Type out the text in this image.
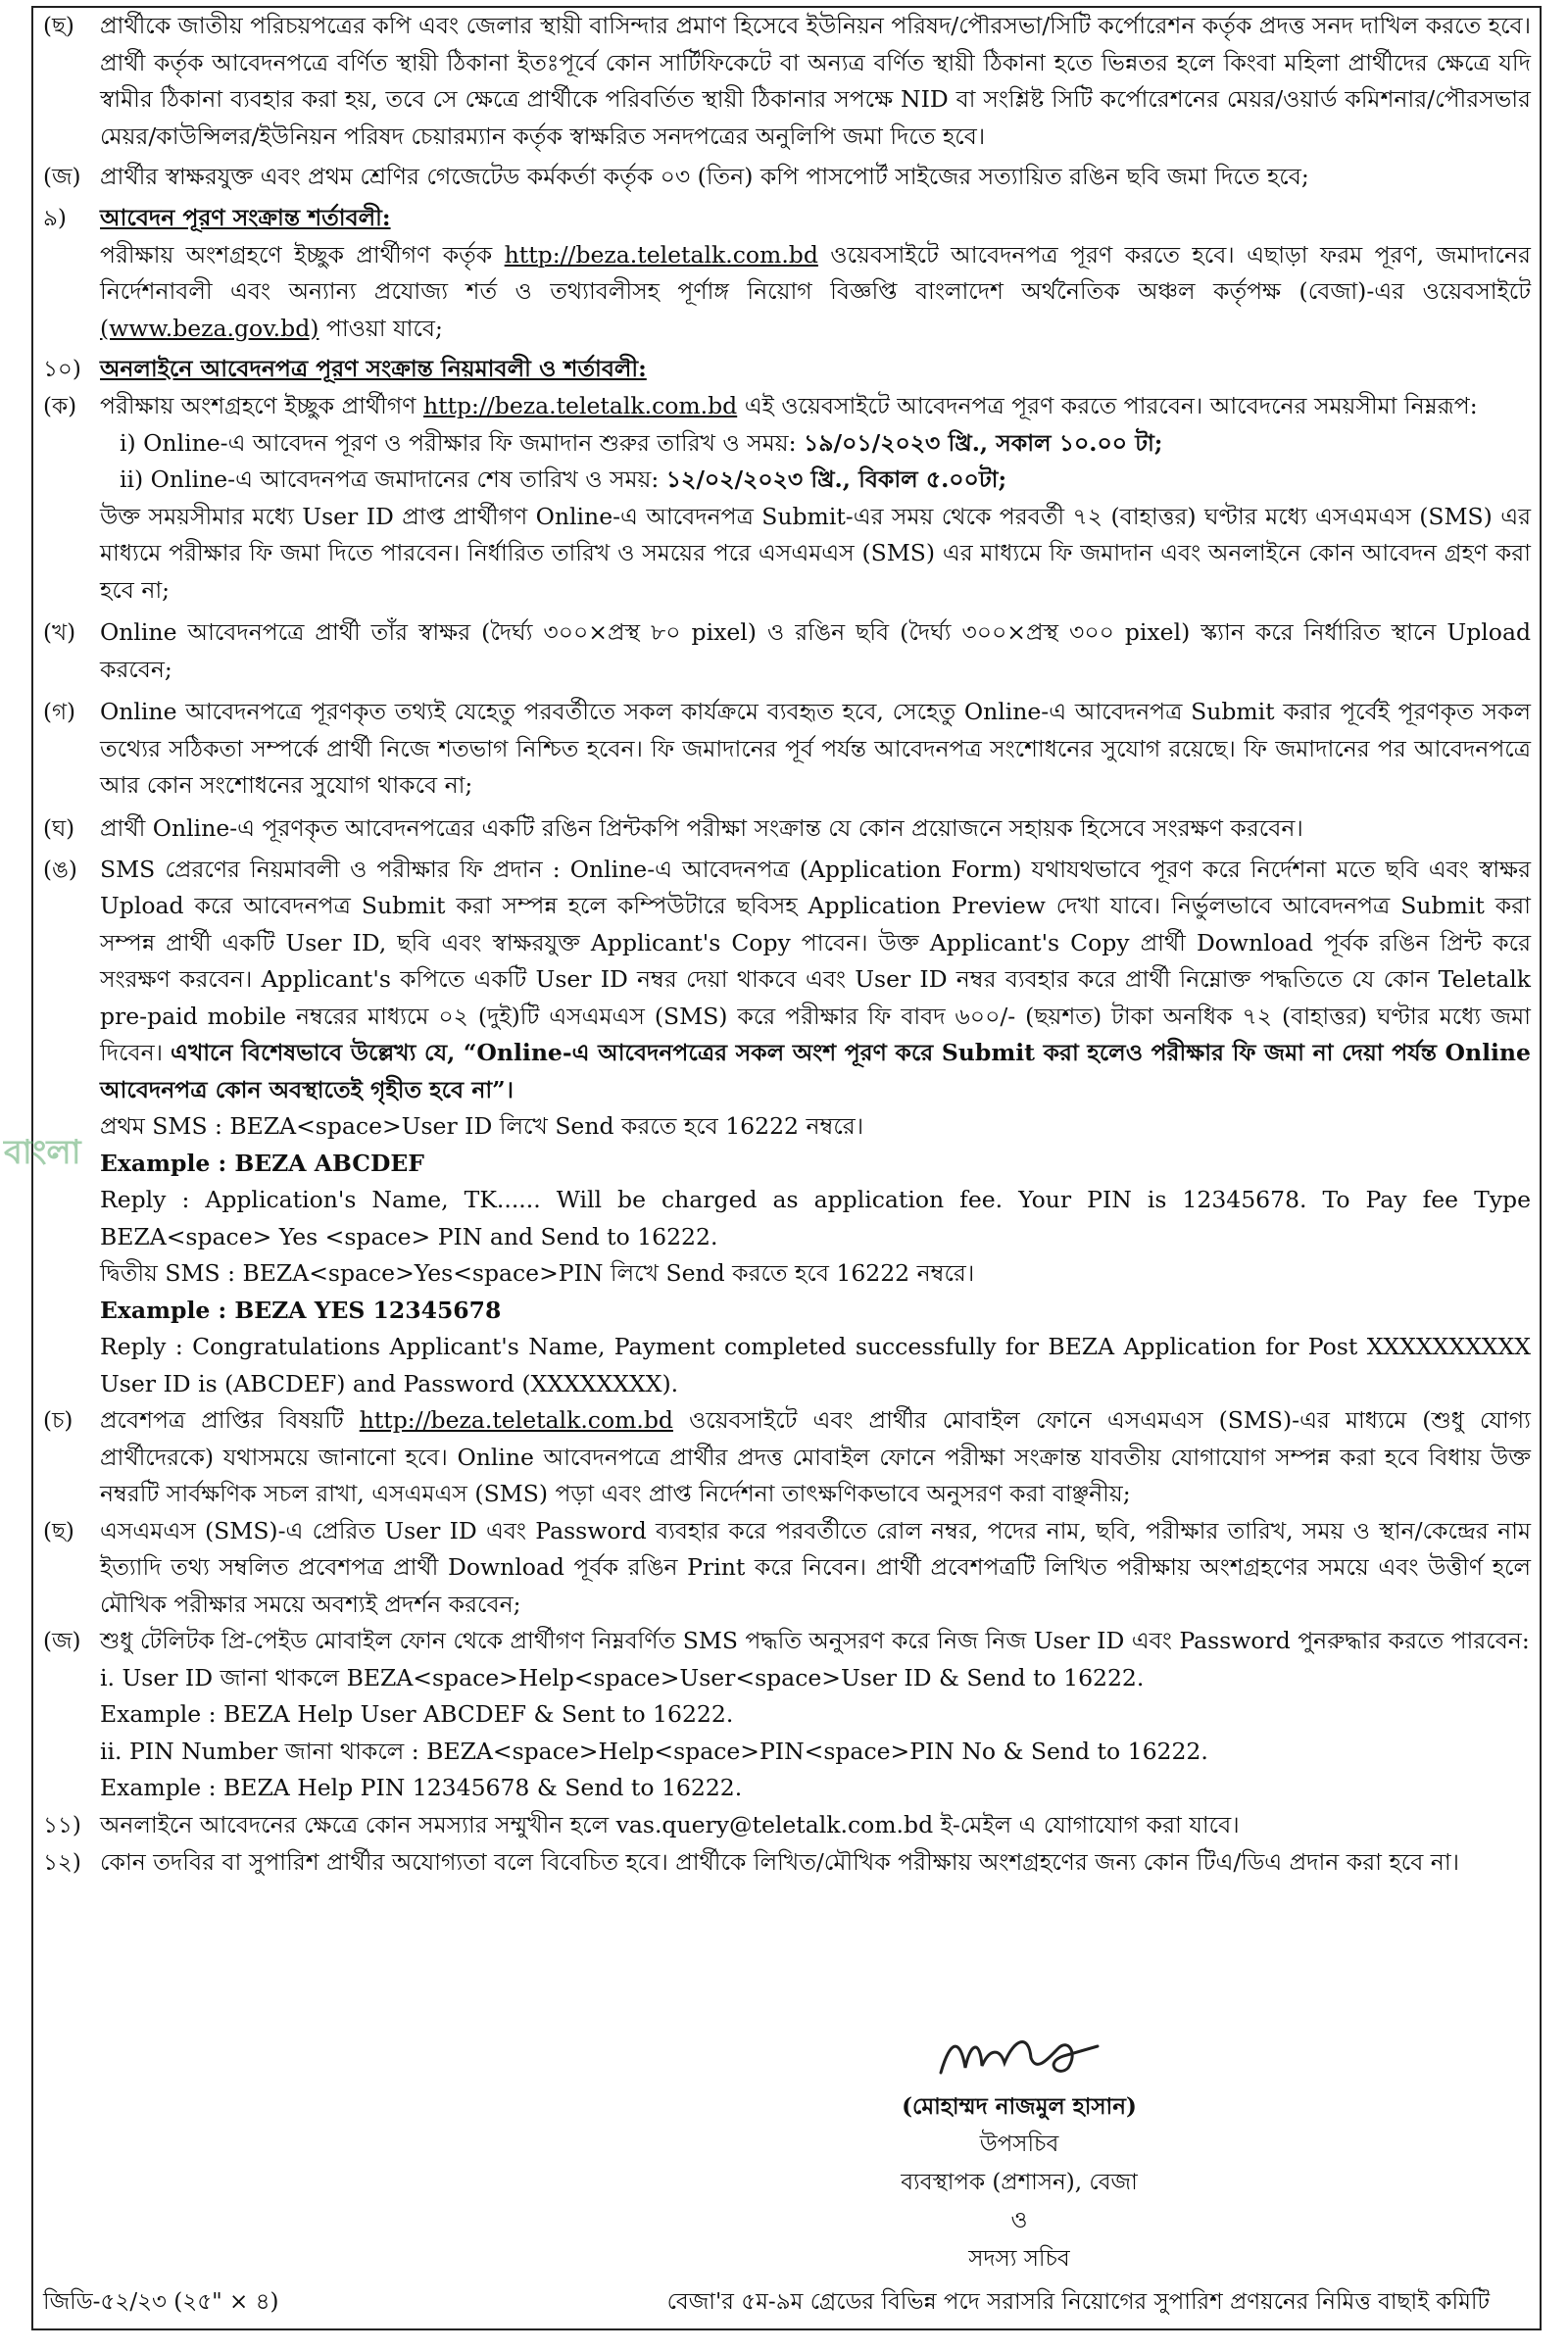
বাংলা
(ছ)	প্রার্থীকে জাতীয় পরিচয়পত্রের কপি এবং জেলার স্থায়ী বাসিন্দার প্রমাণ হিসেবে ইউনিয়ন পরিষদ/পৌরসভা/সিটি কর্পোরেশন কর্তৃক প্রদত্ত সনদ দাখিল করতে হবে। প্রার্থী কর্তৃক আবেদনপত্রে বর্ণিত স্থায়ী ঠিকানা ইতঃপূর্বে কোন সার্টিফিকেটে বা অন্যত্র বর্ণিত স্থায়ী ঠিকানা হতে ভিন্নতর হলে কিংবা মহিলা প্রার্থীদের ক্ষেত্রে যদি স্বামীর ঠিকানা ব্যবহার করা হয়, তবে সে ক্ষেত্রে প্রার্থীকে পরিবর্তিত স্থায়ী ঠিকানার সপক্ষে NID বা সংশ্লিষ্ট সিটি কর্পোরেশনের মেয়র/ওয়ার্ড কমিশনার/পৌরসভার মেয়র/কাউন্সিলর/ইউনিয়ন পরিষদ চেয়ারম্যান কর্তৃক স্বাক্ষরিত সনদপত্রের অনুলিপি জমা দিতে হবে।
(জ) প্রার্থীর স্বাক্ষরযুক্ত এবং প্রথম শ্রেণির গেজেটেড কর্মকর্তা কর্তৃক ০৩ (তিন) কপি পাসপোর্ট সাইজের সত্যায়িত রঙিন ছবি জমা দিতে হবে;
৯)	আবেদন পূরণ সংক্রান্ত শর্তাবলী:
পরীক্ষায় অংশগ্রহণে ইচ্ছুক প্রার্থীগণ কর্তৃক http://beza.teletalk.com.bd ওয়েবসাইটে আবেদনপত্র পূরণ করতে হবে। এছাড়া ফরম পূরণ, জমাদানের নির্দেশনাবলী এবং অন্যান্য প্রযোজ্য শর্ত ও তথ্যাবলীসহ পূর্ণাঙ্গ নিয়োগ বিজ্ঞপ্তি বাংলাদেশ অর্থনৈতিক অঞ্চল কর্তৃপক্ষ (বেজা)-এর ওয়েবসাইটে (www.beza.gov.bd) পাওয়া যাবে;
১০) অনলাইনে আবেদনপত্র পূরণ সংক্রান্ত নিয়মাবলী ও শর্তাবলী:
(ক)	পরীক্ষায় অংশগ্রহণে ইচ্ছুক প্রার্থীগণ http://beza.teletalk.com.bd এই ওয়েবসাইটে আবেদনপত্র পূরণ করতে পারবেন। আবেদনের সময়সীমা নিম্নরূপ:
i) Online-এ আবেদন পূরণ ও পরীক্ষার ফি জমাদান শুরুর তারিখ ও সময়: ১৯/০১/২০২৩ খ্রি., সকাল ১০.০০ টা;
ii) Online-এ আবেদনপত্র জমাদানের শেষ তারিখ ও সময়: ১২/০২/২০২৩ খ্রি., বিকাল ৫.০০টা;
উক্ত সময়সীমার মধ্যে User ID প্রাপ্ত প্রার্থীগণ Online-এ আবেদনপত্র Submit-এর সময় থেকে পরবর্তী ৭২ (বাহাত্তর) ঘণ্টার মধ্যে এসএমএস (SMS) এর মাধ্যমে পরীক্ষার ফি জমা দিতে পারবেন। নির্ধারিত তারিখ ও সময়ের পরে এসএমএস (SMS) এর মাধ্যমে ফি জমাদান এবং অনলাইনে কোন আবেদন গ্রহণ করা হবে না;
(খ)	Online আবেদনপত্রে প্রার্থী তাঁর স্বাক্ষর (দৈর্ঘ্য ৩০০×প্রস্থ ৮০ pixel) ও রঙিন ছবি (দৈর্ঘ্য ৩০০×প্রস্থ ৩০০ pixel) স্ক্যান করে নির্ধারিত স্থানে Upload করবেন;
(গ)	Online আবেদনপত্রে পূরণকৃত তথ্যই যেহেতু পরবর্তীতে সকল কার্যক্রমে ব্যবহৃত হবে, সেহেতু Online-এ আবেদনপত্র Submit করার পূর্বেই পূরণকৃত সকল তথ্যের সঠিকতা সম্পর্কে প্রার্থী নিজে শতভাগ নিশ্চিত হবেন। ফি জমাদানের পূর্ব পর্যন্ত আবেদনপত্র সংশোধনের সুযোগ রয়েছে। ফি জমাদানের পর আবেদনপত্রে আর কোন সংশোধনের সুযোগ থাকবে না;
(ঘ)	প্রার্থী Online-এ পূরণকৃত আবেদনপত্রের একটি রঙিন প্রিন্টকপি পরীক্ষা সংক্রান্ত যে কোন প্রয়োজনে সহায়ক হিসেবে সংরক্ষণ করবেন।
(ঙ) SMS প্রেরণের নিয়মাবলী ও পরীক্ষার ফি প্রদান : Online-এ আবেদনপত্র (Application Form) যথাযথভাবে পূরণ করে নির্দেশনা মতে ছবি এবং স্বাক্ষর Upload করে আবেদনপত্র Submit করা সম্পন্ন হলে কম্পিউটারে ছবিসহ Application Preview দেখা যাবে। নির্ভুলভাবে আবেদনপত্র Submit করা সম্পন্ন প্রার্থী একটি User ID, ছবি এবং স্বাক্ষরযুক্ত Applicant's Copy পাবেন। উক্ত Applicant's Copy প্রার্থী Download পূর্বক রঙিন প্রিন্ট করে সংরক্ষণ করবেন। Applicant's কপিতে একটি User ID নম্বর দেয়া থাকবে এবং User ID নম্বর ব্যবহার করে প্রার্থী নিম্নোক্ত পদ্ধতিতে যে কোন Teletalk pre-paid mobile নম্বরের মাধ্যমে ০২ (দুই)টি এসএমএস (SMS) করে পরীক্ষার ফি বাবদ ৬০০/- (ছয়শত) টাকা অনধিক ৭২ (বাহাত্তর) ঘণ্টার মধ্যে জমা দিবেন। এখানে বিশেষভাবে উল্লেখ্য যে, “Online-এ আবেদনপত্রের সকল অংশ পূরণ করে Submit করা হলেও পরীক্ষার ফি জমা না দেয়া পর্যন্ত Online আবেদনপত্র কোন অবস্থাতেই গৃহীত হবে না”।
প্রথম SMS : BEZA<space>User ID লিখে Send করতে হবে 16222 নম্বরে।
Example : BEZA ABCDEF
Reply : Application's Name, TK...... Will be charged as application fee. Your PIN is 12345678. To Pay fee Type BEZA<space> Yes <space> PIN and Send to 16222.
দ্বিতীয় SMS : BEZA<space>Yes<space>PIN লিখে Send করতে হবে 16222 নম্বরে।
Example : BEZA YES 12345678
Reply : Congratulations Applicant's Name, Payment completed successfully for BEZA Application for Post XXXXXXXXXX User ID is (ABCDEF) and Password (XXXXXXXX).
(চ)	প্রবেশপত্র প্রাপ্তির বিষয়টি http://beza.teletalk.com.bd ওয়েবসাইটে এবং প্রার্থীর মোবাইল ফোনে এসএমএস (SMS)-এর মাধ্যমে (শুধু যোগ্য প্রার্থীদেরকে) যথাসময়ে জানানো হবে। Online আবেদনপত্রে প্রার্থীর প্রদত্ত মোবাইল ফোনে পরীক্ষা সংক্রান্ত যাবতীয় যোগাযোগ সম্পন্ন করা হবে বিধায় উক্ত নম্বরটি সার্বক্ষণিক সচল রাখা, এসএমএস (SMS) পড়া এবং প্রাপ্ত নির্দেশনা তাৎক্ষণিকভাবে অনুসরণ করা বাঞ্ছনীয়;
(ছ)	এসএমএস (SMS)-এ প্রেরিত User ID এবং Password ব্যবহার করে পরবর্তীতে রোল নম্বর, পদের নাম, ছবি, পরীক্ষার তারিখ, সময় ও স্থান/কেন্দ্রের নাম ইত্যাদি তথ্য সম্বলিত প্রবেশপত্র প্রার্থী Download পূর্বক রঙিন Print করে নিবেন। প্রার্থী প্রবেশপত্রটি লিখিত পরীক্ষায় অংশগ্রহণের সময়ে এবং উত্তীর্ণ হলে মৌখিক পরীক্ষার সময়ে অবশ্যই প্রদর্শন করবেন;
(জ) শুধু টেলিটক প্রি-পেইড মোবাইল ফোন থেকে প্রার্থীগণ নিম্নবর্ণিত SMS পদ্ধতি অনুসরণ করে নিজ নিজ User ID এবং Password পুনরুদ্ধার করতে পারবেন:
i. User ID জানা থাকলে BEZA<space>Help<space>User<space>User ID & Send to 16222.
Example : BEZA Help User ABCDEF & Sent to 16222.
ii. PIN Number জানা থাকলে : BEZA<space>Help<space>PIN<space>PIN No & Send to 16222.
Example : BEZA Help PIN 12345678 & Send to 16222.
১১) অনলাইনে আবেদনের ক্ষেত্রে কোন সমস্যার সম্মুখীন হলে vas.query@teletalk.com.bd ই-মেইল এ যোগাযোগ করা যাবে।
১২) কোন তদবির বা সুপারিশ প্রার্থীর অযোগ্যতা বলে বিবেচিত হবে। প্রার্থীকে লিখিত/মৌখিক পরীক্ষায় অংশগ্রহণের জন্য কোন টিএ/ডিএ প্রদান করা হবে না।
(মোহাম্মদ নাজমুল হাসান)
উপসচিব
ব্যবস্থাপক (প্রশাসন), বেজা
ও
সদস্য সচিব
জিডি-৫২/২৩ (২৫" × ৪)	বেজা'র ৫ম-৯ম গ্রেডের বিভিন্ন পদে সরাসরি নিয়োগের সুপারিশ প্রণয়নের নিমিত্ত বাছাই কমিটি
